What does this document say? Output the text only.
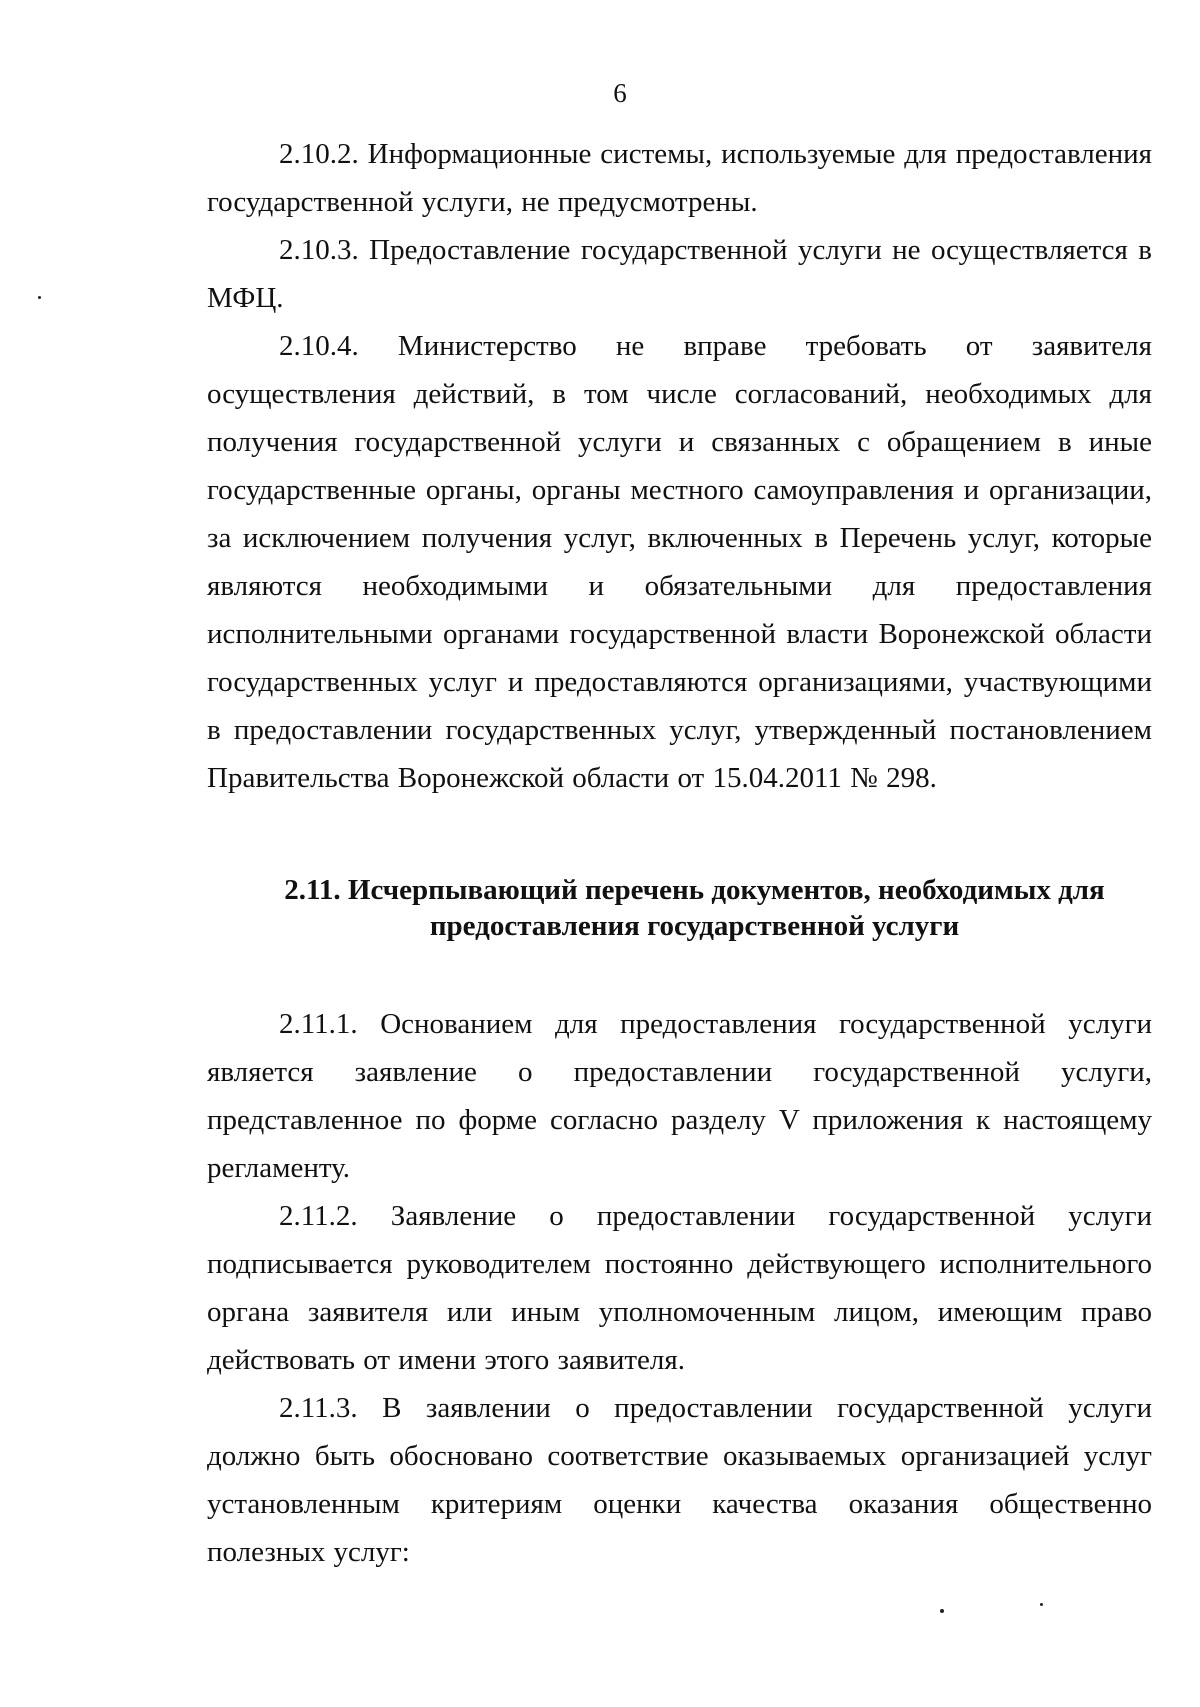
6

2.10.2. Информационные системы, используемые для предоставления государственной услуги, не предусмотрены.

2.10.3. Предоставление государственной услуги не осуществляется в МФЦ.

2.10.4. Министерство не вправе требовать от заявителя осуществления действий, в том числе согласований, необходимых для получения государственной услуги и связанных с обращением в иные государственные органы, органы местного самоуправления и организации, за исключением получения услуг, включенных в Перечень услуг, которые являются необходимыми и обязательными для предоставления исполнительными органами государственной власти Воронежской области государственных услуг и предоставляются организациями, участвующими в предоставлении государственных услуг, утвержденный постановлением Правительства Воронежской области от 15.04.2011 № 298.

2.11. Исчерпывающий перечень документов, необходимых для
предоставления государственной услуги

2.11.1. Основанием для предоставления государственной услуги является заявление о предоставлении государственной услуги, представленное по форме согласно разделу V приложения к настоящему регламенту.

2.11.2. Заявление о предоставлении государственной услуги подписывается руководителем постоянно действующего исполнительного органа заявителя или иным уполномоченным лицом, имеющим право действовать от имени этого заявителя.

2.11.3. В заявлении о предоставлении государственной услуги должно быть обосновано соответствие оказываемых организацией услуг установленным критериям оценки качества оказания общественно полезных услуг:
